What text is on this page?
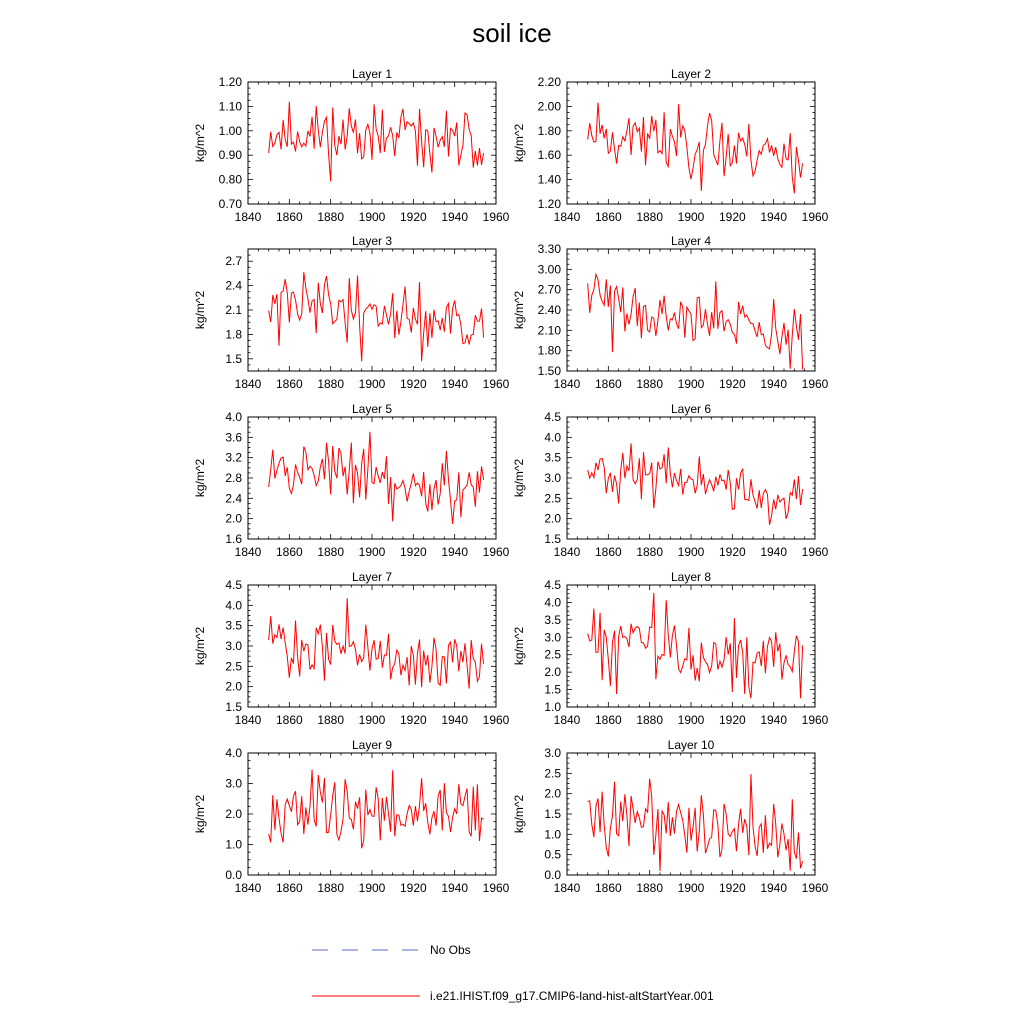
soil ice
Layer 1
1840 1860 1880 1900 1920 1940 1960
0.70
0.80
0.90
1.00
1.10
1.20
kg/m^2
Layer 2
1840 1860 1880 1900 1920 1940 1960
1.20
1.40
1.60
1.80
2.00
2.20
kg/m^2
Layer 3
1840 1860 1880 1900 1920 1940 1960
1.5
1.8
2.1
2.4
2.7
kg/m^2
Layer 4
1840 1860 1880 1900 1920 1940 1960
1.50
1.80
2.10
2.40
2.70
3.00
3.30
kg/m^2
Layer 5
1840 1860 1880 1900 1920 1940 1960
1.6
2.0
2.4
2.8
3.2
3.6
4.0
kg/m^2
Layer 6
1840 1860 1880 1900 1920 1940 1960
1.5
2.0
2.5
3.0
3.5
4.0
4.5
kg/m^2
Layer 7
1840 1860 1880 1900 1920 1940 1960
1.5
2.0
2.5
3.0
3.5
4.0
4.5
kg/m^2
Layer 8
1840 1860 1880 1900 1920 1940 1960
1.0
1.5
2.0
2.5
3.0
3.5
4.0
4.5
kg/m^2
Layer 9
1840 1860 1880 1900 1920 1940 1960
0.0
1.0
2.0
3.0
4.0
kg/m^2
Layer 10
1840 1860 1880 1900 1920 1940 1960
0.0
0.5
1.0
1.5
2.0
2.5
3.0
kg/m^2
No Obs
i.e21.IHIST.f09_g17.CMIP6-land-hist-altStartYear.001
